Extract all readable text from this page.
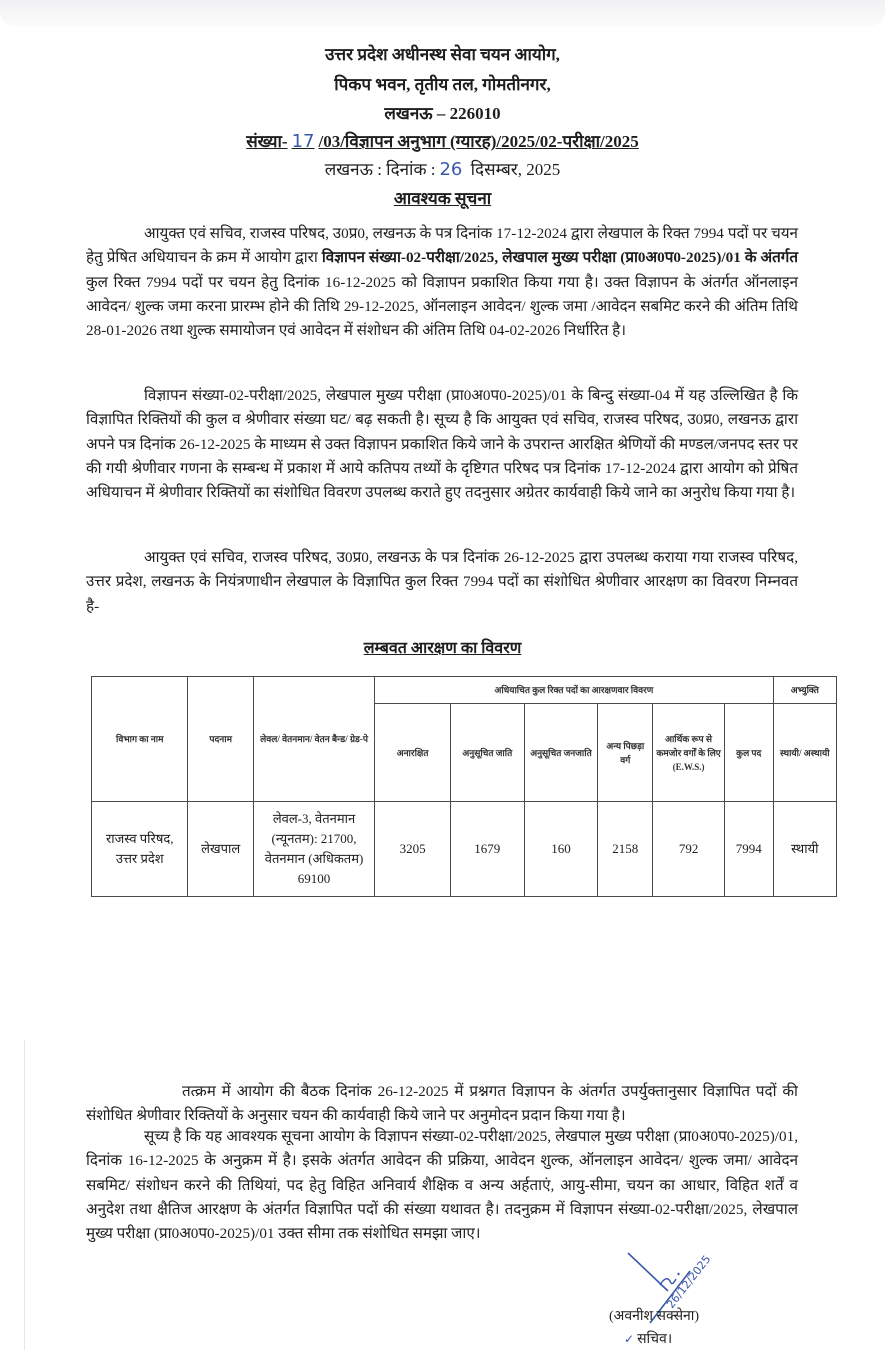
उत्तर प्रदेश अधीनस्थ सेवा चयन आयोग,
पिकप भवन, तृतीय तल, गोमतीनगर,
लखनऊ – 226010
संख्या- 17 /03/विज्ञापन अनुभाग (ग्यारह)/2025/02-परीक्षा/2025
लखनऊ : दिनांक : 26 दिसम्बर, 2025
आवश्यक सूचना
आयुक्त एवं सचिव, राजस्व परिषद, उ0प्र0, लखनऊ के पत्र दिनांक 17-12-2024 द्वारा लेखपाल के रिक्त 7994 पदों पर चयन हेतु प्रेषित अधियाचन के क्रम में आयोग द्वारा विज्ञापन संख्या-02-परीक्षा/2025, लेखपाल मुख्य परीक्षा (प्रा0अ0प0-2025)/01 के अंतर्गत कुल रिक्त 7994 पदों पर चयन हेतु दिनांक 16-12-2025 को विज्ञापन प्रकाशित किया गया है। उक्त विज्ञापन के अंतर्गत ऑनलाइन आवेदन/ शुल्क जमा करना प्रारम्भ होने की तिथि 29-12-2025, ऑनलाइन आवेदन/ शुल्क जमा /आवेदन सबमिट करने की अंतिम तिथि 28-01-2026 तथा शुल्क समायोजन एवं आवेदन में संशोधन की अंतिम तिथि 04-02-2026 निर्धारित है।
विज्ञापन संख्या-02-परीक्षा/2025, लेखपाल मुख्य परीक्षा (प्रा0अ0प0-2025)/01 के बिन्दु संख्या-04 में यह उल्लिखित है कि विज्ञापित रिक्तियों की कुल व श्रेणीवार संख्या घट/ बढ़ सकती है। सूच्य है कि आयुक्त एवं सचिव, राजस्व परिषद, उ0प्र0, लखनऊ द्वारा अपने पत्र दिनांक 26-12-2025 के माध्यम से उक्त विज्ञापन प्रकाशित किये जाने के उपरान्त आरक्षित श्रेणियों की मण्डल/जनपद स्तर पर की गयी श्रेणीवार गणना के सम्बन्ध में प्रकाश में आये कतिपय तथ्यों के दृष्टिगत परिषद पत्र दिनांक 17-12-2024 द्वारा आयोग को प्रेषित अधियाचन में श्रेणीवार रिक्तियों का संशोधित विवरण उपलब्ध कराते हुए तदनुसार अग्रेतर कार्यवाही किये जाने का अनुरोध किया गया है।
आयुक्त एवं सचिव, राजस्व परिषद, उ0प्र0, लखनऊ के पत्र दिनांक 26-12-2025 द्वारा उपलब्ध कराया गया राजस्व परिषद, उत्तर प्रदेश, लखनऊ के नियंत्रणाधीन लेखपाल के विज्ञापित कुल रिक्त 7994 पदों का संशोधित श्रेणीवार आरक्षण का विवरण निम्नवत है-
लम्बवत आरक्षण का विवरण
विभाग का नाम	पदनाम	लेवल/ वेतनमान/ वेतन बैन्ड/ ग्रेड-पे	अधियाचित कुल रिक्त पदों का आरक्षणवार विवरण						अभ्युक्ति
			अनारक्षित	अनुसूचित जाति	अनुसूचित जनजाति	अन्य पिछड़ा वर्ग	आर्थिक रूप से कमजोर वर्गों के लिए (E.W.S.)	कुल पद	स्थायी/ अस्थायी
राजस्व परिषद, उत्तर प्रदेश	लेखपाल	लेवल-3, वेतनमान (न्यूनतम): 21700, वेतनमान (अधिकतम) 69100	3205	1679	160	2158	792	7994	स्थायी
तत्क्रम में आयोग की बैठक दिनांक 26-12-2025 में प्रश्नगत विज्ञापन के अंतर्गत उपर्युक्तानुसार विज्ञापित पदों की संशोधित श्रेणीवार रिक्तियों के अनुसार चयन की कार्यवाही किये जाने पर अनुमोदन प्रदान किया गया है।
सूच्य है कि यह आवश्यक सूचना आयोग के विज्ञापन संख्या-02-परीक्षा/2025, लेखपाल मुख्य परीक्षा (प्रा0अ0प0-2025)/01, दिनांक 16-12-2025 के अनुक्रम में है। इसके अंतर्गत आवेदन की प्रक्रिया, आवेदन शुल्क, ऑनलाइन आवेदन/ शुल्क जमा/ आवेदन सबमिट/ संशोधन करने की तिथियां, पद हेतु विहित अनिवार्य शैक्षिक व अन्य अर्हताएं, आयु-सीमा, चयन का आधार, विहित शर्तें व अनुदेश तथा क्षैतिज आरक्षण के अंतर्गत विज्ञापित पदों की संख्या यथावत है। तदनुक्रम में विज्ञापन संख्या-02-परीक्षा/2025, लेखपाल मुख्य परीक्षा (प्रा0अ0प0-2025)/01 उक्त सीमा तक संशोधित समझा जाए।
26/12/2025
(अवनीश सक्सेना)
✓ सचिव।
